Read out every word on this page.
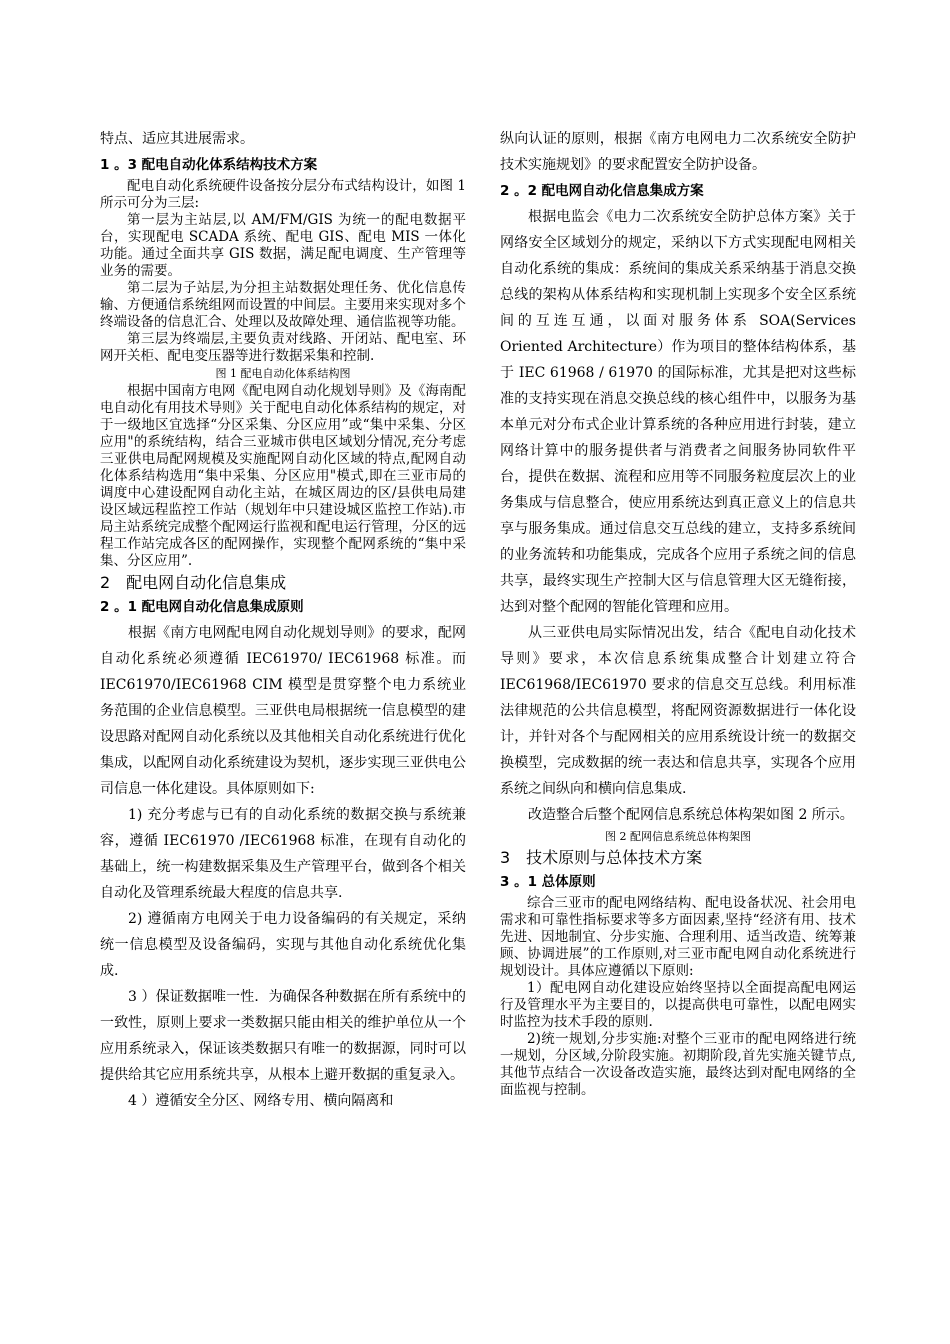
特点、适应其进展需求。

1 。3 配电自动化体系结构技术方案

配电自动化系统硬件设备按分层分布式结构设计，如图 1 所示可分为三层:

第一层为主站层,以 AM/FM/GIS 为统一的配电数据平台，实现配电 SCADA 系统、配电 GIS、配电 MIS 一体化功能。通过全面共享 GIS 数据，满足配电调度、生产管理等业务的需要。

第二层为子站层,为分担主站数据处理任务、优化信息传输、方便通信系统组网而设置的中间层。主要用来实现对多个终端设备的信息汇合、处理以及故障处理、通信监视等功能。

第三层为终端层,主要负责对线路、开闭站、配电室、环网开关柜、配电变压器等进行数据采集和控制.

图 1 配电自动化体系结构图

根据中国南方电网《配电网自动化规划导则》及《海南配电自动化有用技术导则》关于配电自动化体系结构的规定，对于一级地区宜选择“分区采集、分区应用”或“集中采集、分区应用"的系统结构，结合三亚城市供电区域划分情况,充分考虑三亚供电局配网规模及实施配网自动化区域的特点,配网自动化体系结构选用“集中采集、分区应用"模式,即在三亚市局的调度中心建设配网自动化主站，在城区周边的区/县供电局建设区域远程监控工作站（规划年中只建设城区监控工作站).市局主站系统完成整个配网运行监视和配电运行管理，分区的远程工作站完成各区的配网操作，实现整个配网系统的“集中采集、分区应用”.

2　配电网自动化信息集成
2 。1 配电网自动化信息集成原则

根据《南方电网配电网自动化规划导则》的要求，配网自动化系统必须遵循 IEC61970/ IEC61968 标准。而 IEC61970/IEC61968 CIM 模型是贯穿整个电力系统业务范围的企业信息模型。三亚供电局根据统一信息模型的建设思路对配网自动化系统以及其他相关自动化系统进行优化集成，以配网自动化系统建设为契机，逐步实现三亚供电公司信息一体化建设。具体原则如下:

1) 充分考虑与已有的自动化系统的数据交换与系统兼容，遵循 IEC61970 /IEC61968 标准，在现有自动化的基础上，统一构建数据采集及生产管理平台，做到各个相关自动化及管理系统最大程度的信息共享.

2) 遵循南方电网关于电力设备编码的有关规定，采纳统一信息模型及设备编码，实现与其他自动化系统优化集成.

3 ）保证数据唯一性．为确保各种数据在所有系统中的一致性，原则上要求一类数据只能由相关的维护单位从一个应用系统录入，保证该类数据只有唯一的数据源，同时可以提供给其它应用系统共享，从根本上避开数据的重复录入。

4 ）遵循安全分区、网络专用、横向隔离和

纵向认证的原则，根据《南方电网电力二次系统安全防护技术实施规划》的要求配置安全防护设备。

2 。2 配电网自动化信息集成方案

根据电监会《电力二次系统安全防护总体方案》关于网络安全区域划分的规定，采纳以下方式实现配电网相关自动化系统的集成：系统间的集成关系采纳基于消息交换总线的架构从体系结构和实现机制上实现多个安全区系统间的互连互通，以面对服务体系 SOA(Services Oriented Architecture）作为项目的整体结构体系，基于 IEC 61968 / 61970 的国际标准，尤其是把对这些标准的支持实现在消息交换总线的核心组件中，以服务为基本单元对分布式企业计算系统的各种应用进行封装，建立网络计算中的服务提供者与消费者之间服务协同软件平台，提供在数据、流程和应用等不同服务粒度层次上的业务集成与信息整合，使应用系统达到真正意义上的信息共享与服务集成。通过信息交互总线的建立，支持多系统间的业务流转和功能集成，完成各个应用子系统之间的信息共享，最终实现生产控制大区与信息管理大区无缝衔接，达到对整个配网的智能化管理和应用。

从三亚供电局实际情况出发，结合《配电自动化技术导则》要求，本次信息系统集成整合计划建立符合 IEC61968/IEC61970 要求的信息交互总线。利用标准法律规范的公共信息模型，将配网资源数据进行一体化设计，并针对各个与配网相关的应用系统设计统一的数据交换模型，完成数据的统一表达和信息共享，实现各个应用系统之间纵向和横向信息集成.

改造整合后整个配网信息系统总体构架如图 2 所示。

图 2 配网信息系统总体构架图
3　技术原则与总体技术方案
3 。1 总体原则

综合三亚市的配电网络结构、配电设备状况、社会用电需求和可靠性指标要求等多方面因素,坚持“经济有用、技术先进、因地制宜、分步实施、合理利用、适当改造、统筹兼顾、协调进展”的工作原则,对三亚市配电网自动化系统进行规划设计。具体应遵循以下原则:

1）配电网自动化建设应始终坚持以全面提高配电网运行及管理水平为主要目的，以提高供电可靠性，以配电网实时监控为技术手段的原则.

2)统一规划,分步实施:对整个三亚市的配电网络进行统一规划，分区域,分阶段实施。初期阶段,首先实施关键节点,其他节点结合一次设备改造实施，最终达到对配电网络的全面监视与控制。
